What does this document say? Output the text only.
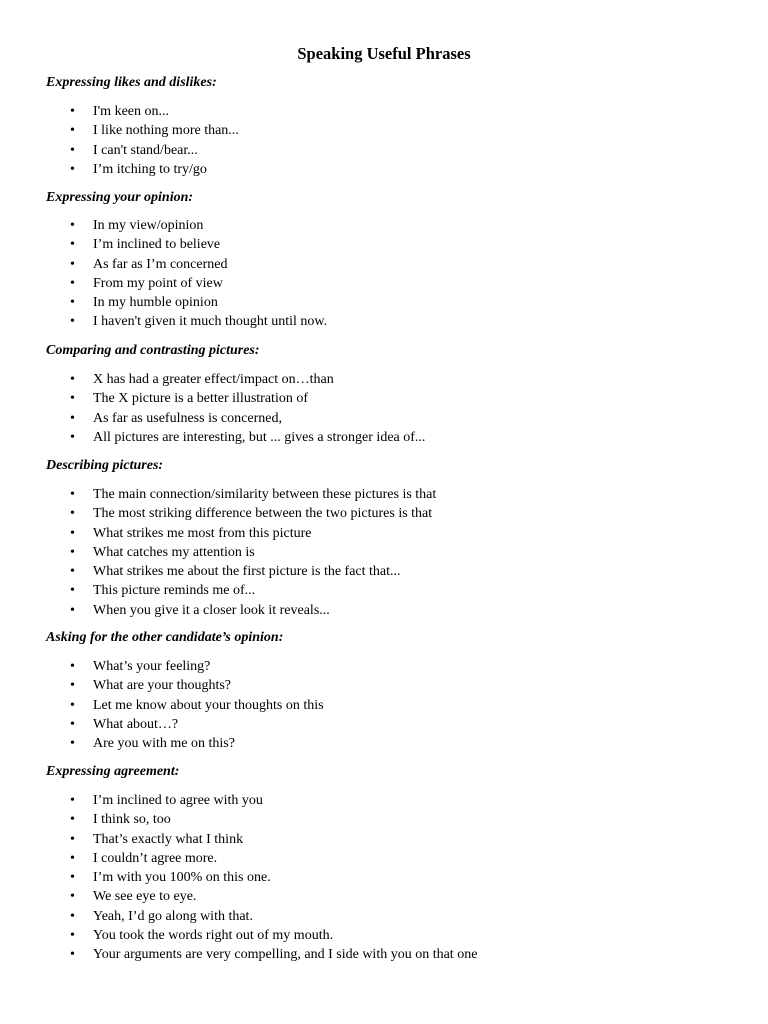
Speaking Useful Phrases
Expressing likes and dislikes:
• I'm keen on...
• I like nothing more than...
• I can't stand/bear...
• I’m itching to try/go
Expressing your opinion:
• In my view/opinion
• I’m inclined to believe
• As far as I’m concerned
• From my point of view
• In my humble opinion
• I haven't given it much thought until now.
Comparing and contrasting pictures:
• X has had a greater effect/impact on…than
• The X picture is a better illustration of
• As far as usefulness is concerned,
• All pictures are interesting, but ... gives a stronger idea of...
Describing pictures:
• The main connection/similarity between these pictures is that
• The most striking difference between the two pictures is that
• What strikes me most from this picture
• What catches my attention is
• What strikes me about the first picture is the fact that...
• This picture reminds me of...
• When you give it a closer look it reveals...
Asking for the other candidate’s opinion:
• What’s your feeling?
• What are your thoughts?
• Let me know about your thoughts on this
• What about…?
• Are you with me on this?
Expressing agreement:
• I’m inclined to agree with you
• I think so, too
• That’s exactly what I think
• I couldn’t agree more.
• I’m with you 100% on this one.
• We see eye to eye.
• Yeah, I’d go along with that.
• You took the words right out of my mouth.
• Your arguments are very compelling, and I side with you on that one
